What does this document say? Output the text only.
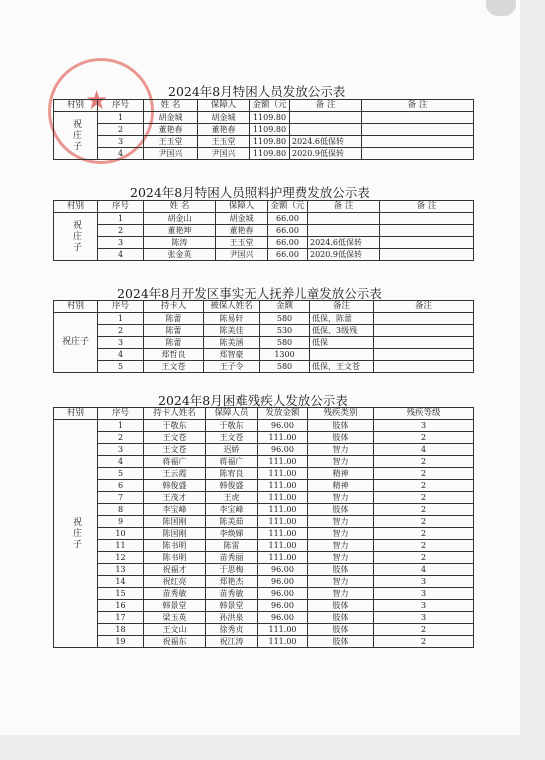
★	2024年8月特困人员发放公示表
村别	序号	姓 名	保障人	金额（元	备 注	备 注
祝庄子	1	胡金城	胡金城	1109.80		
	2	董艳春	董艳春	1109.80		
	3	王玉堂	王玉堂	1109.80	2024.6低保转	
	4	尹国兴	尹国兴	1109.80	2020.9低保转	
2024年8月特困人员照料护理费发放公示表
村别	序号	姓 名	保障人	金额（元	备 注	备 注
祝庄子	1	胡金山	胡金城	66.00		
	2	董艳坤	董艳春	66.00		
	3	陈涛	王玉堂	66.00	2024.6低保转	
	4	张金英	尹国兴	66.00	2020.9低保转	
2024年8月开发区事实无人抚养儿童发放公示表
村别	序号	持卡人	被保人姓名	金额	备注	备注
祝庄子	1	陈蕾	陈易轩	580	低保，陈蕾	
	2	陈蕾	陈美佳	530	低保、3级残	
	3	陈蕾	陈美涵	580	低保	
	4	郑哲良	郑智豪	1300		
	5	王文苍	王子令	580	低保，王文苍	
2024年8月困难残疾人发放公示表
村别	序号	持卡人姓名	保障人员	发放金额	残疾类别	残疾等级
祝庄子	1	于敬东	于敬东	96.00	肢体	3
	2	王文苍	王文苍	111.00	肢体	2
	3	王文苍	迟娇	96.00	智力	4
	4	蒋福广	蒋福广	111.00	智力	2
	5	王云霞	陈宥良	111.00	精神	2
	6	韩俊盛	韩俊盛	111.00	精神	2
	7	王茂才	王虎	111.00	智力	2
	8	李宝峰	李宝峰	111.00	肢体	2
	9	陈国刚	陈美茹	111.00	智力	2
	10	陈国刚	李焕娣	111.00	智力	2
	11	陈书明	陈雷	111.00	智力	2
	12	陈书明	苗秀丽	111.00	智力	2
	13	祝福才	于思梅	96.00	肢体	4
	14	祝红亮	郑艳杰	96.00	智力	3
	15	苗秀敏	苗秀敏	96.00	智力	3
	16	韩景堂	韩景堂	96.00	肢体	3
	17	梁玉英	孙洪泉	96.00	肢体	3
	18	王文山	徐秀贞	111.00	肢体	2
	19	祝福东	祝江涛	111.00	肢体	2
